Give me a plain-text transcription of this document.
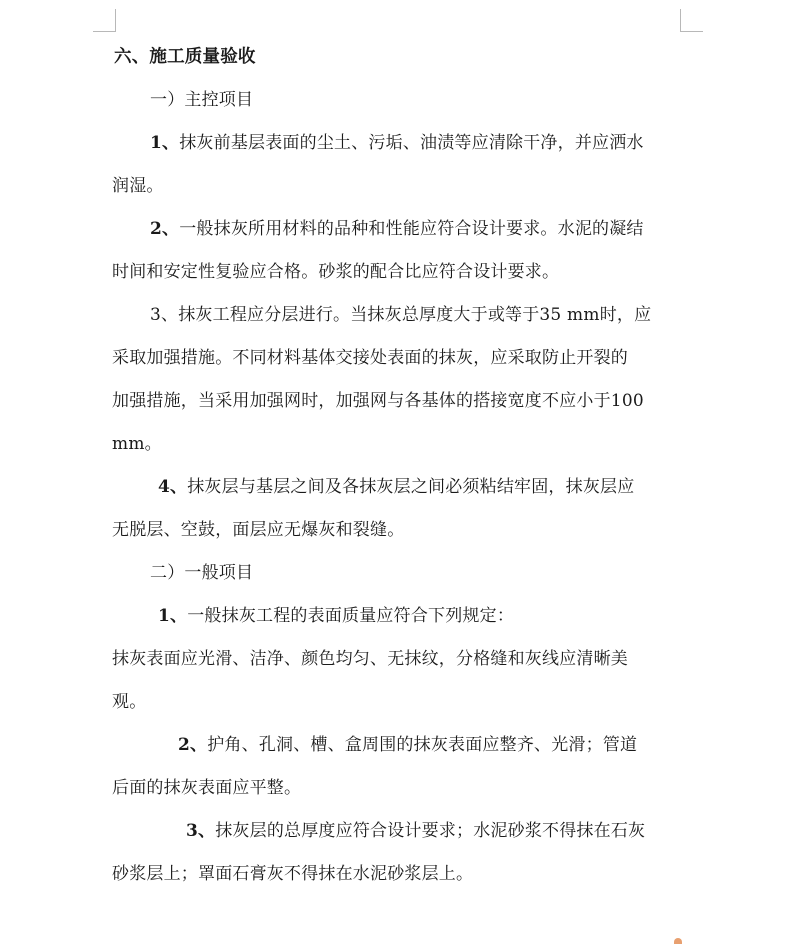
六、施工质量验收
一）主控项目
1、抹灰前基层表面的尘土、污垢、油渍等应清除干净，并应洒水
润湿。
2、一般抹灰所用材料的品种和性能应符合设计要求。水泥的凝结
时间和安定性复验应合格。砂浆的配合比应符合设计要求。
3、抹灰工程应分层进行。当抹灰总厚度大于或等于35 mm时，应
采取加强措施。不同材料基体交接处表面的抹灰，应采取防止开裂的
加强措施，当采用加强网时，加强网与各基体的搭接宽度不应小于100
mm。
4、抹灰层与基层之间及各抹灰层之间必须粘结牢固，抹灰层应
无脱层、空鼓，面层应无爆灰和裂缝。
二）一般项目
1、一般抹灰工程的表面质量应符合下列规定：
抹灰表面应光滑、洁净、颜色均匀、无抹纹，分格缝和灰线应清晰美
观。
2、护角、孔洞、槽、盒周围的抹灰表面应整齐、光滑；管道
后面的抹灰表面应平整。
3、抹灰层的总厚度应符合设计要求；水泥砂浆不得抹在石灰
砂浆层上；罩面石膏灰不得抹在水泥砂浆层上。
